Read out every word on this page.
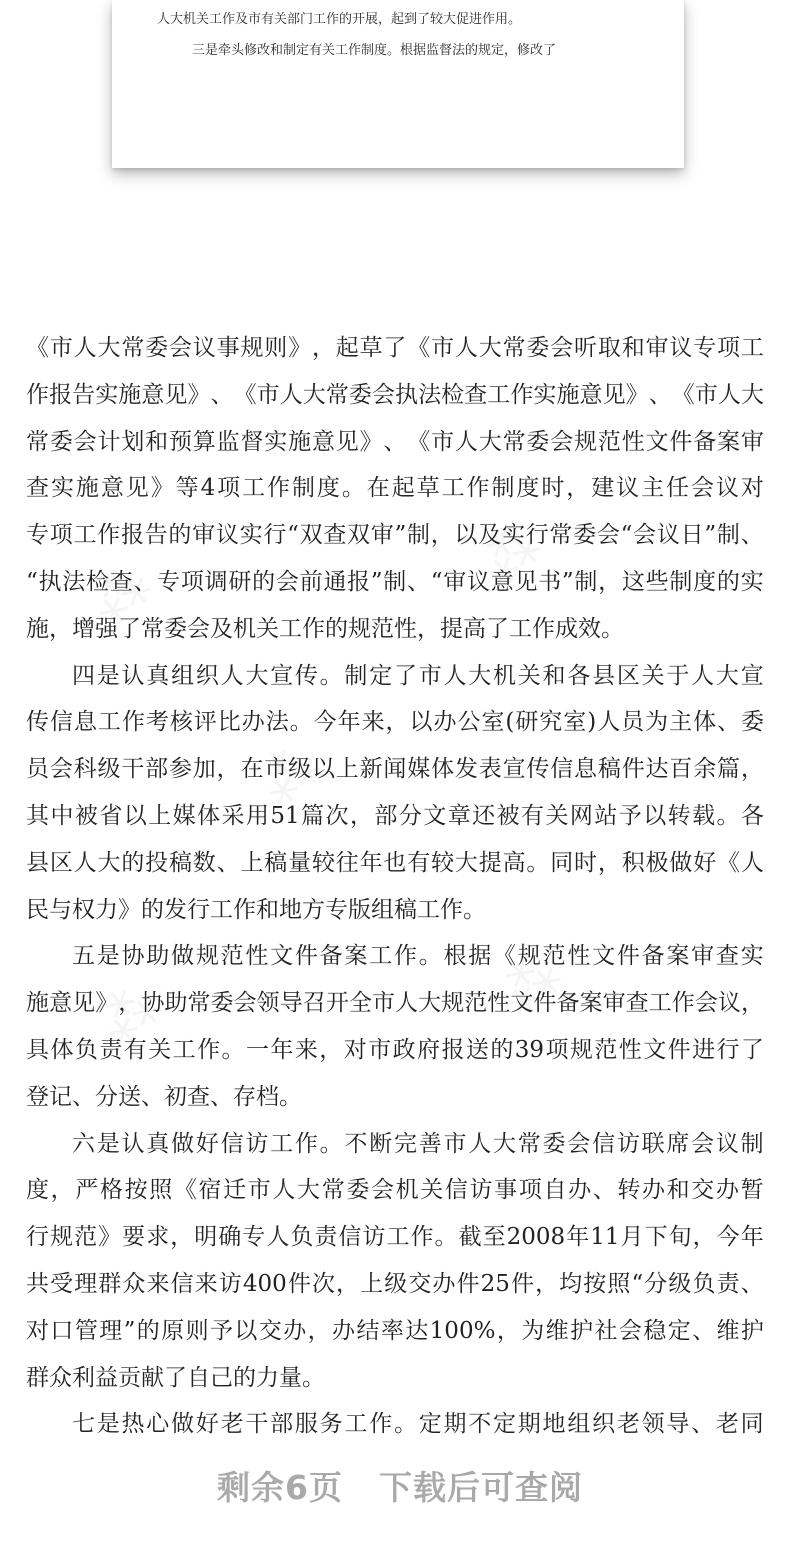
人大机关工作及市有关部门工作的开展，起到了较大促进作用。
三是牵头修改和制定有关工作制度。根据监督法的规定，修改了
《 市 人 大 常 委 会 议 事 规 则 》 ， 起 草 了 《 市 人 大 常 委 会 听 取 和 审 议 专 项 工
作 报 告 实 施 意 见 》 、 《 市 人 大 常 委 会 执 法 检 查 工 作 实 施 意 见 》 、 《 市 人 大
常 委 会 计 划 和 预 算 监 督 实 施 意 见 》 、 《 市 人 大 常 委 会 规 范 性 文 件 备 案 审
查 实 施 意 见 》 等 4 项 工 作 制 度 。 在 起 草 工 作 制 度 时 ， 建 议 主 任 会 议 对
专 项 工 作 报 告 的 审 议 实 行 “ 双 查 双 审 ” 制 ， 以 及 实 行 常 委 会 “ 会 议 日 ” 制 、
“ 执 法 检 查 、 专 项 调 研 的 会 前 通 报 ” 制 、 “ 审 议 意 见 书 ” 制 ， 这 些 制 度 的 实
施，增强了常委会及机关工作的规范性，提高了工作成效。
四 是 认 真 组 织 人 大 宣 传 。 制 定 了 市 人 大 机 关 和 各 县 区 关 于 人 大 宣
传 信 息 工 作 考 核 评 比 办 法 。 今 年 来 ， 以 办 公 室 ( 研 究 室 ) 人 员 为 主 体 、 委
员 会 科 级 干 部 参 加 ， 在 市 级 以 上 新 闻 媒 体 发 表 宣 传 信 息 稿 件 达 百 余 篇 ，
其 中 被 省 以 上 媒 体 采 用 51 篇 次 ， 部 分 文 章 还 被 有 关 网 站 予 以 转 载 。 各
县 区 人 大 的 投 稿 数 、 上 稿 量 较 往 年 也 有 较 大 提 高 。 同 时 ， 积 极 做 好 《 人
民与权力》的发行工作和地方专版组稿工作。
五 是 协 助 做 规 范 性 文 件 备 案 工 作 。 根 据 《 规 范 性 文 件 备 案 审 查 实
施 意 见 》 ， 协 助 常 委 会 领 导 召 开 全 市 人 大 规 范 性 文 件 备 案 审 查 工 作 会 议 ，
具 体 负 责 有 关 工 作 。 一 年 来 ， 对 市 政 府 报 送 的 39 项 规 范 性 文 件 进 行 了
登记、分送、初查、存档。
六 是 认 真 做 好 信 访 工 作 。 不 断 完 善 市 人 大 常 委 会 信 访 联 席 会 议 制
度 ， 严 格 按 照 《 宿 迁 市 人 大 常 委 会 机 关 信 访 事 项 自 办 、 转 办 和 交 办 暂
行 规 范 》 要 求 ， 明 确 专 人 负 责 信 访 工 作 。 截 至 2008 年 11 月 下 旬 ， 今 年
共 受 理 群 众 来 信 来 访 400 件 次 ， 上 级 交 办 件 25 件 ， 均 按 照 “ 分 级 负 责 、
对 口 管 理 ” 的 原 则 予 以 交 办 ， 办 结 率 达 100% ， 为 维 护 社 会 稳 定 、 维 护
群众利益贡献了自己的力量。
七 是 热 心 做 好 老 干 部 服 务 工 作 。 定 期 不 定 期 地 组 织 老 领 导 、 老 同
剩余6页 下载后可查阅
